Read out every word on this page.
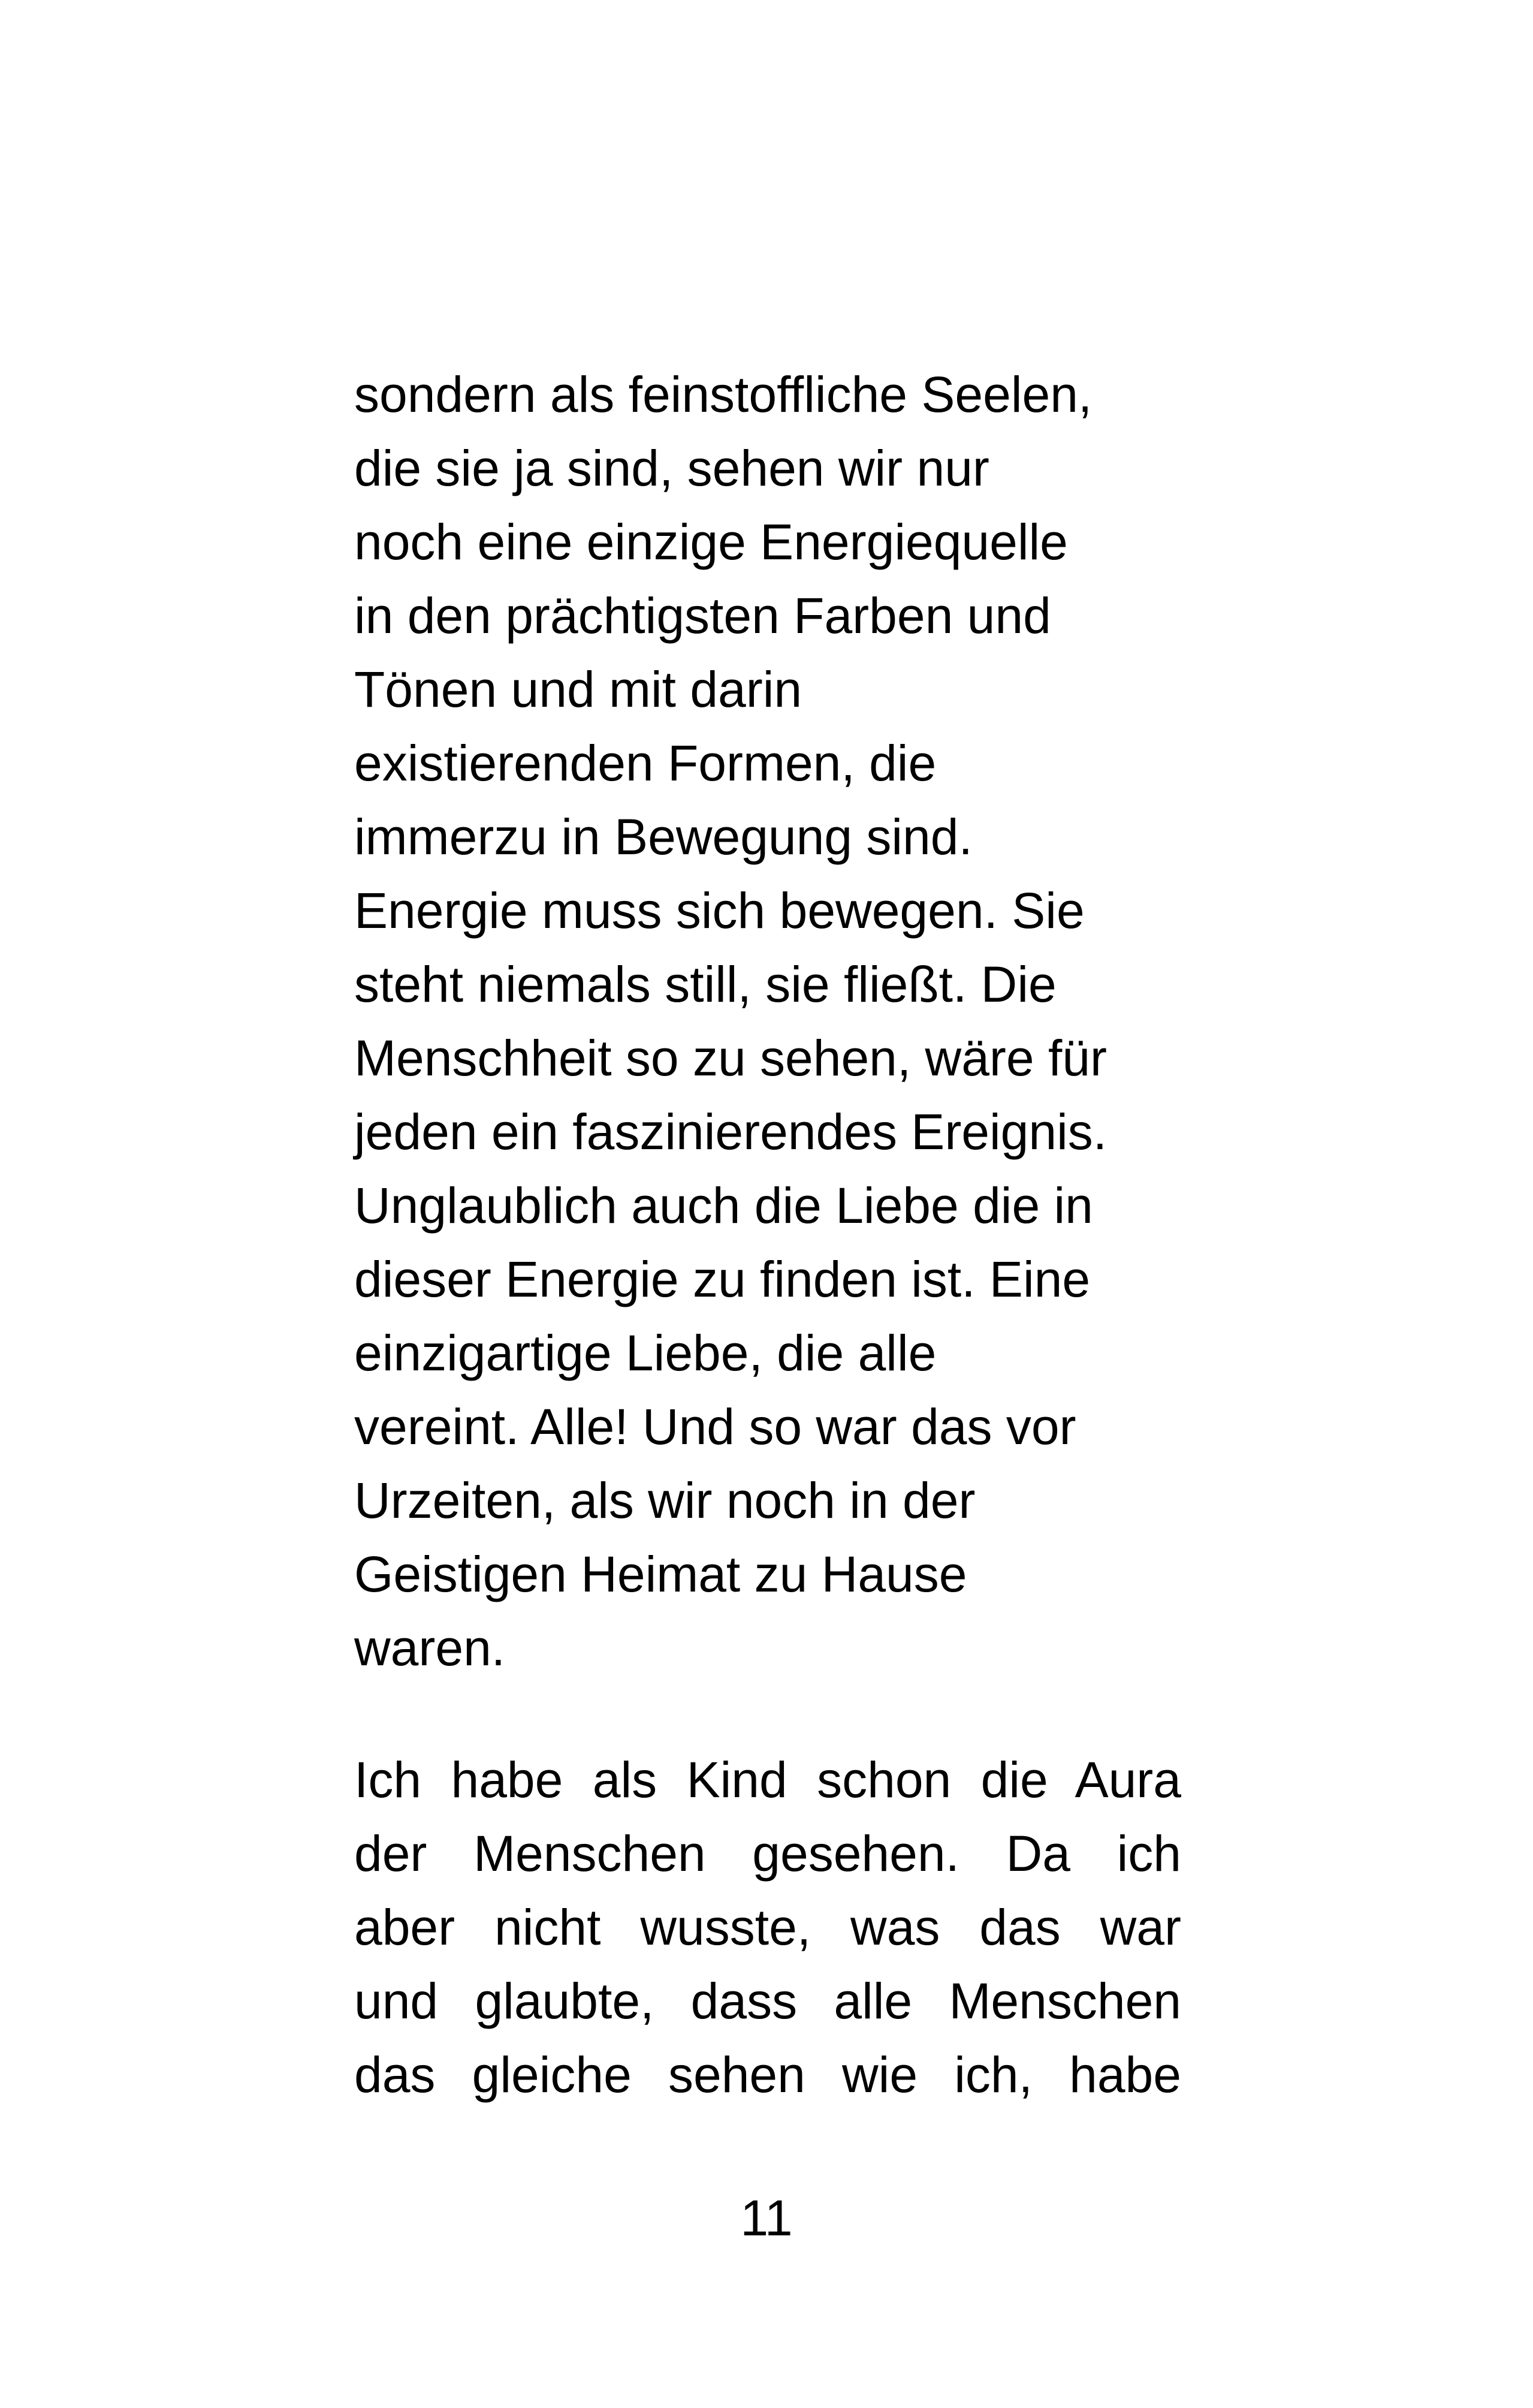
sondern als feinstoffliche Seelen,
die sie ja sind, sehen wir nur
noch eine einzige Energiequelle
in den prächtigsten Farben und
Tönen und mit darin
existierenden Formen, die
immerzu in Bewegung sind.
Energie muss sich bewegen. Sie
steht niemals still, sie fließt. Die
Menschheit so zu sehen, wäre für
jeden ein faszinierendes Ereignis.
Unglaublich auch die Liebe die in
dieser Energie zu finden ist. Eine
einzigartige Liebe, die alle
vereint. Alle! Und so war das vor
Urzeiten, als wir noch in der
Geistigen Heimat zu Hause
waren.
Ich habe als Kind schon die Aura
der Menschen gesehen. Da ich
aber nicht wusste, was das war
und glaubte, dass alle Menschen
das gleiche sehen wie ich, habe
11
